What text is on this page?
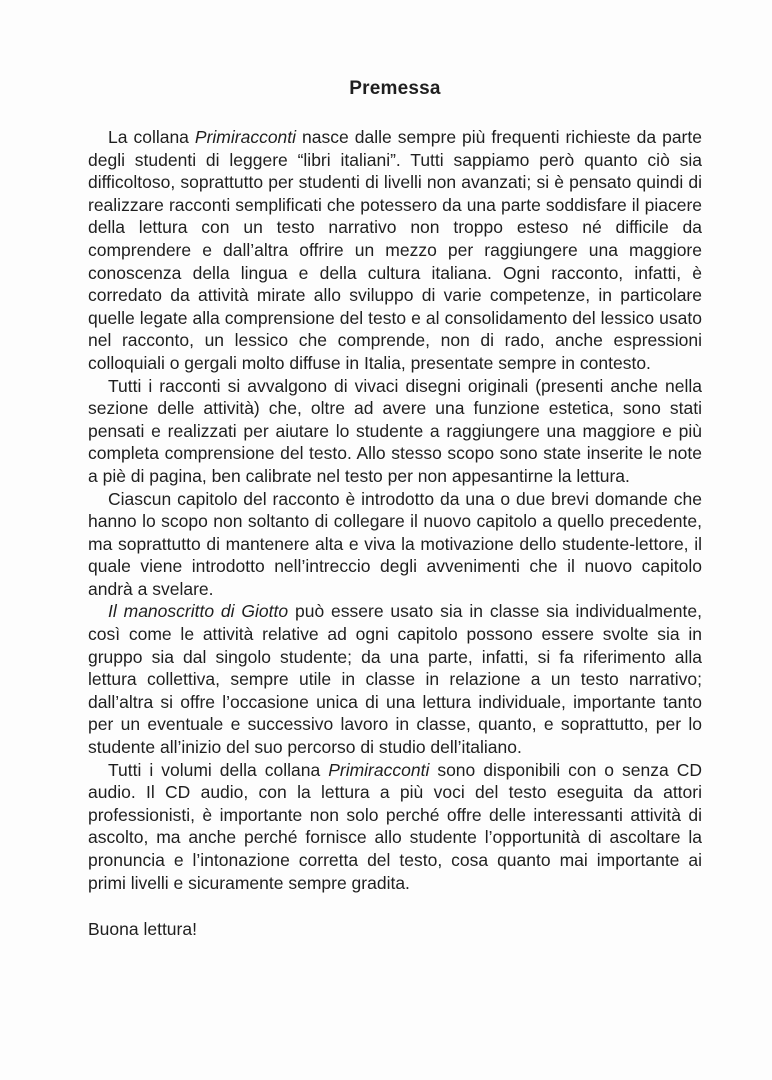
Premessa

La collana Primiracconti nasce dalle sempre più frequenti richieste da parte degli studenti di leggere “libri italiani”. Tutti sappiamo però quanto ciò sia difficoltoso, soprattutto per studenti di livelli non avanzati; si è pensato quindi di realizzare racconti semplificati che potessero da una parte soddisfare il piacere della lettura con un testo narrativo non troppo esteso né difficile da comprendere e dall’altra offrire un mezzo per raggiungere una maggiore conoscenza della lingua e della cultura italiana. Ogni racconto, infatti, è corredato da attività mirate allo sviluppo di varie competenze, in particolare quelle legate alla comprensione del testo e al consolidamento del lessico usato nel racconto, un lessico che comprende, non di rado, anche espressioni colloquiali o gergali molto diffuse in Italia, presentate sempre in contesto.

Tutti i racconti si avvalgono di vivaci disegni originali (presenti anche nella sezione delle attività) che, oltre ad avere una funzione estetica, sono stati pensati e realizzati per aiutare lo studente a raggiungere una maggiore e più completa comprensione del testo. Allo stesso scopo sono state inserite le note a piè di pagina, ben calibrate nel testo per non appesantirne la lettura.

Ciascun capitolo del racconto è introdotto da una o due brevi domande che hanno lo scopo non soltanto di collegare il nuovo capitolo a quello precedente, ma soprattutto di mantenere alta e viva la motivazione dello studente-lettore, il quale viene introdotto nell’intreccio degli avvenimenti che il nuovo capitolo andrà a svelare.

Il manoscritto di Giotto può essere usato sia in classe sia individualmente, così come le attività relative ad ogni capitolo possono essere svolte sia in gruppo sia dal singolo studente; da una parte, infatti, si fa riferimento alla lettura collettiva, sempre utile in classe in relazione a un testo narrativo; dall’altra si offre l’occasione unica di una lettura individuale, importante tanto per un eventuale e successivo lavoro in classe, quanto, e soprattutto, per lo studente all’inizio del suo percorso di studio dell’italiano.

Tutti i volumi della collana Primiracconti sono disponibili con o senza CD audio. Il CD audio, con la lettura a più voci del testo eseguita da attori professionisti, è importante non solo perché offre delle interessanti attività di ascolto, ma anche perché fornisce allo studente l’opportunità di ascoltare la pronuncia e l’intonazione corretta del testo, cosa quanto mai importante ai primi livelli e sicuramente sempre gradita.

Buona lettura!
